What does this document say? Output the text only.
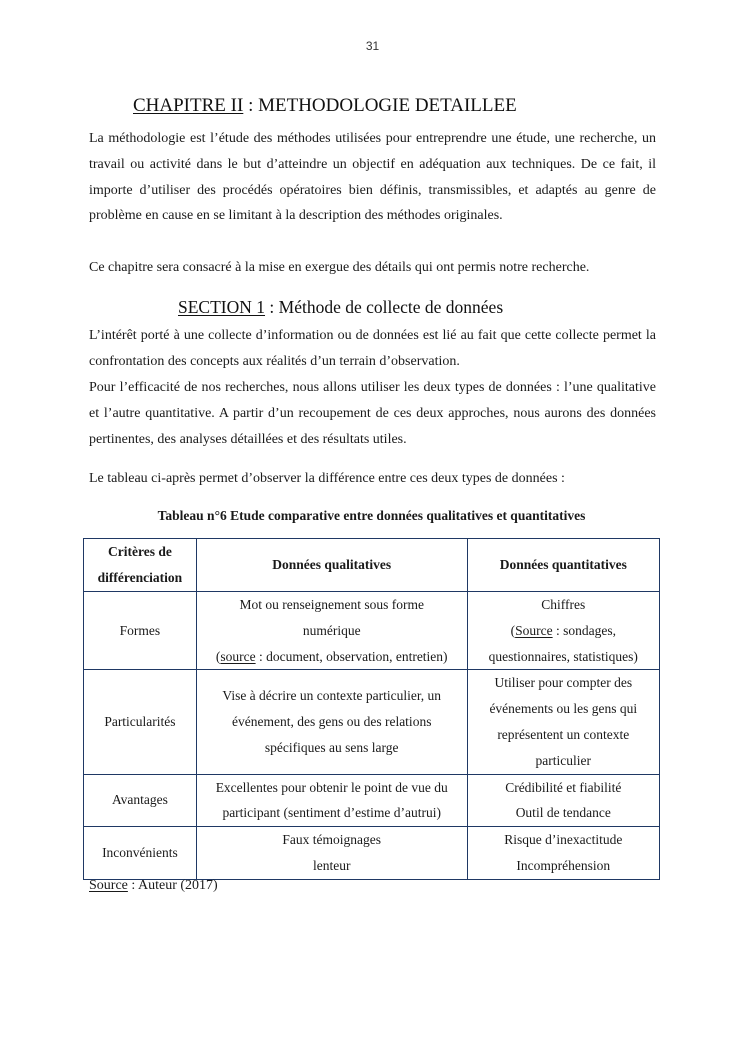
31
CHAPITRE II : METHODOLOGIE DETAILLEE

La méthodologie est l’étude des méthodes utilisées pour entreprendre une étude, une recherche, un travail ou activité dans le but d’atteindre un objectif en adéquation aux techniques. De ce fait, il importe d’utiliser des procédés opératoires bien définis, transmissibles, et adaptés au genre de problème en cause en se limitant à la description des méthodes originales.

Ce chapitre sera consacré à la mise en exergue des détails qui ont permis notre recherche.

SECTION 1 : Méthode de collecte de données

L’intérêt porté à une collecte d’information ou de données est lié au fait que cette collecte permet la confrontation des concepts aux réalités d’un terrain d’observation.

Pour l’efficacité de nos recherches, nous allons utiliser les deux types de données : l’une qualitative et l’autre quantitative. A partir d’un recoupement de ces deux approches, nous aurons des données pertinentes, des analyses détaillées et des résultats utiles.

Le tableau ci-après permet d’observer la différence entre ces deux types de données :

Tableau n°6 Etude comparative entre données qualitatives et quantitatives
Critères de
différenciation	Données qualitatives	Données quantitatives
Formes	Mot ou renseignement sous forme
numérique
(source : document, observation, entretien)	Chiffres
(Source : sondages,
questionnaires, statistiques)

Particularités	Vise à décrire un contexte particulier, un
événement, des gens ou des relations
spécifiques au sens large	Utiliser pour compter des
événements ou les gens qui
représentent un contexte
particulier

Avantages	Excellentes pour obtenir le point de vue du
participant (sentiment d’estime d’autrui)	Crédibilité et fiabilité
Outil de tendance

Inconvénients	Faux témoignages
lenteur	Risque d’inexactitude
Incompréhension
Source : Auteur (2017)
